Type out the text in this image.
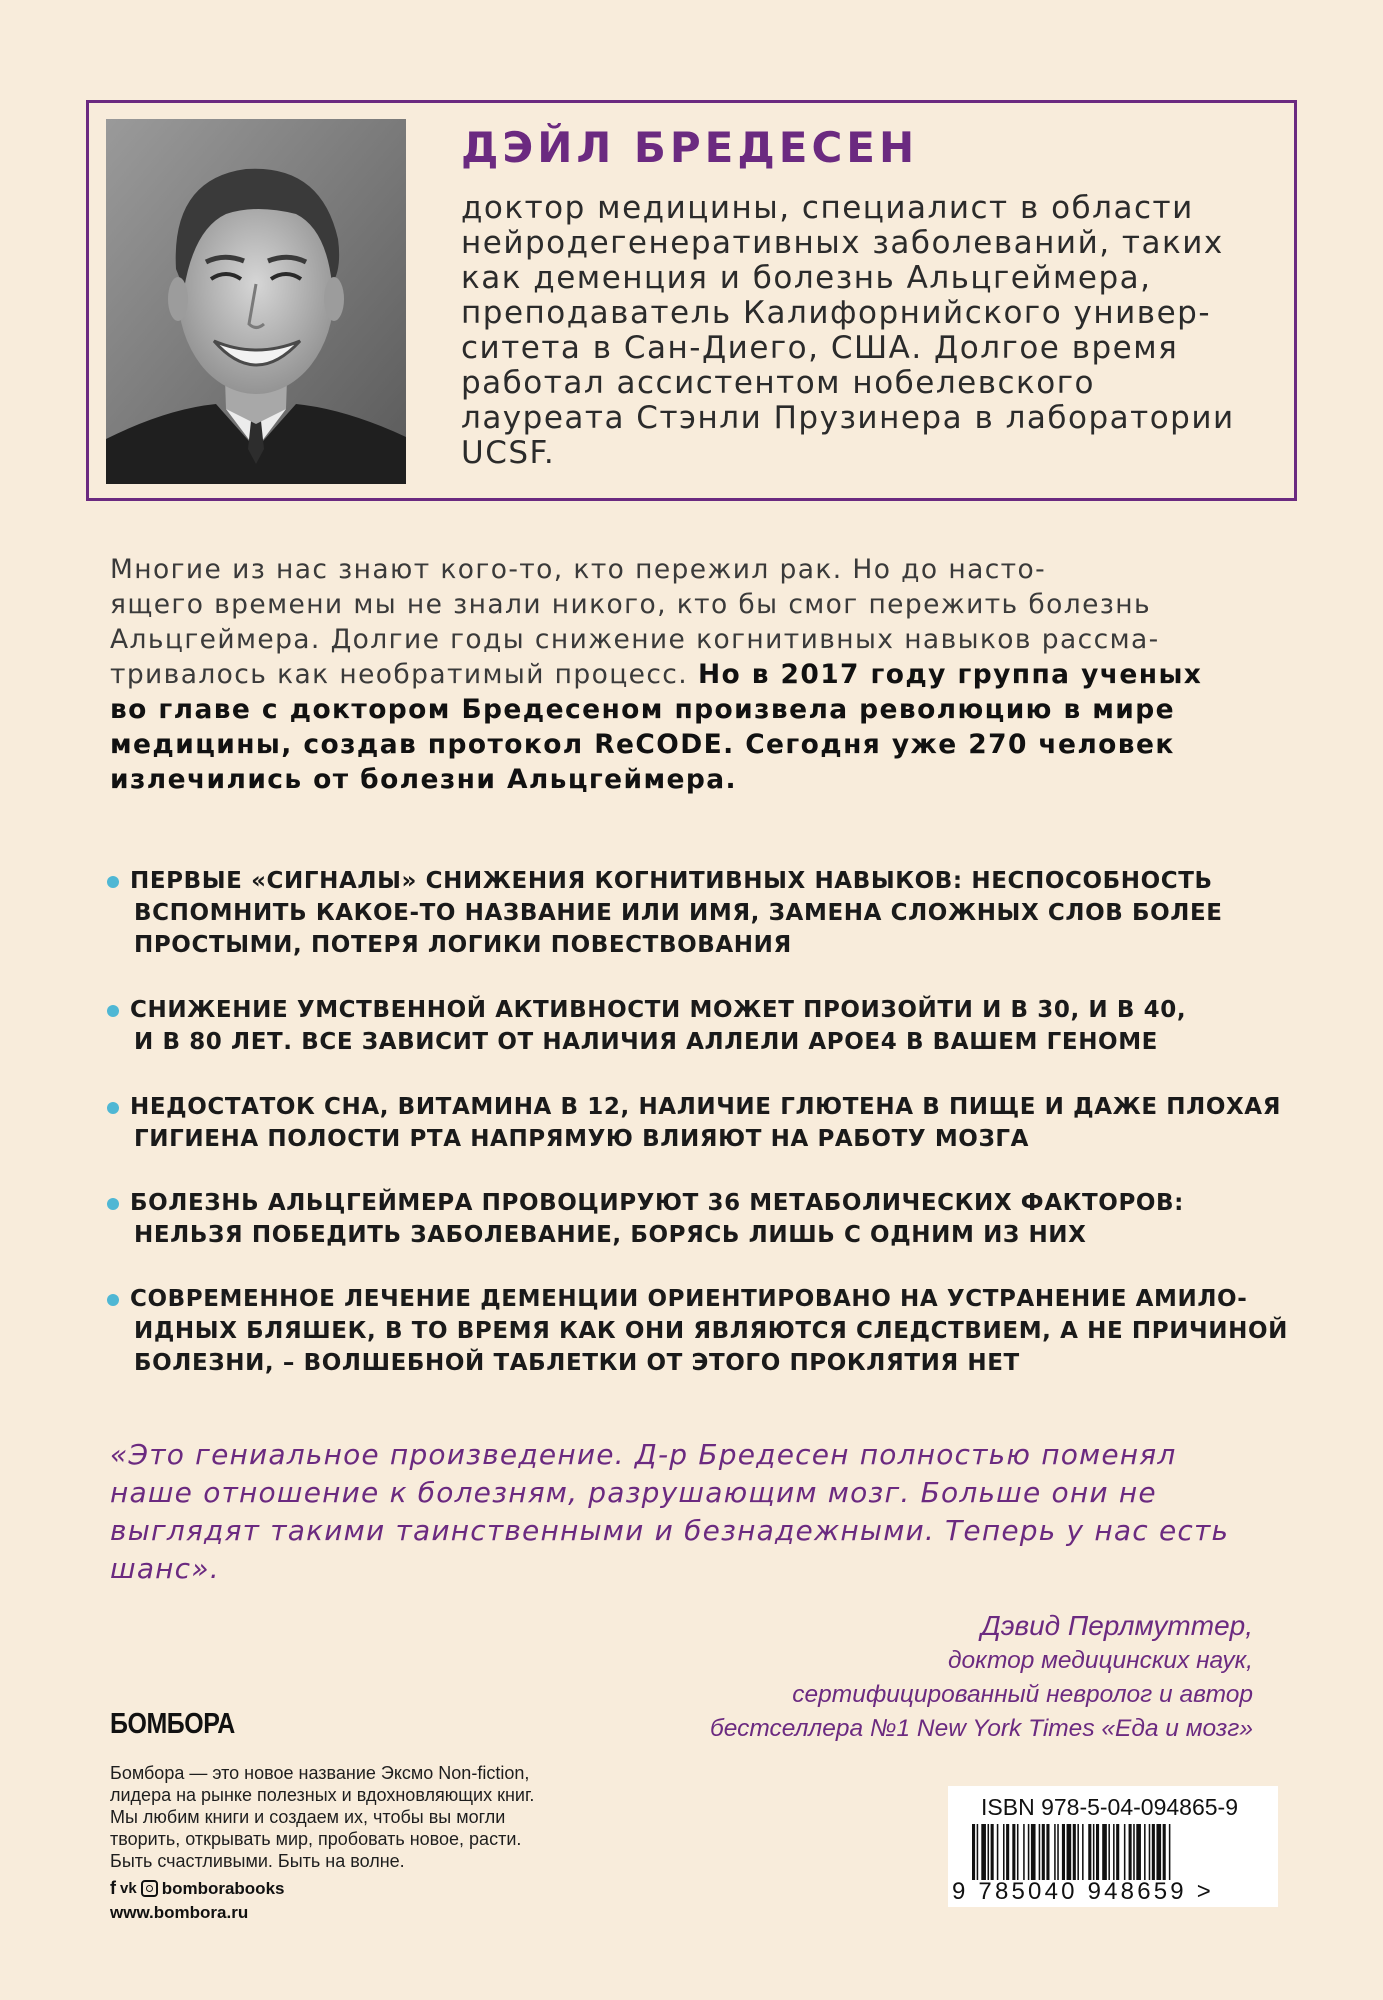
ДЭЙЛ БРЕДЕСЕН
доктор медицины, специалист в области
нейродегенеративных заболеваний, таких
как деменция и болезнь Альцгеймера,
преподаватель Калифорнийского универ-
ситета в Сан-Диего, США. Долгое время
работал ассистентом нобелевского
лауреата Стэнли Прузинера в лаборатории
UCSF.
Многие из нас знают кого-то, кто пережил рак. Но до насто-
ящего времени мы не знали никого, кто бы смог пережить болезнь
Альцгеймера. Долгие годы снижение когнитивных навыков рассма-
тривалось как необратимый процесс. Но в 2017 году группа ученых
во главе с доктором Бредесеном произвела революцию в мире
медицины, создав протокол ReCODE. Сегодня уже 270 человек
излечились от болезни Альцгеймера.
ПЕРВЫЕ «СИГНАЛЫ» СНИЖЕНИЯ КОГНИТИВНЫХ НАВЫКОВ: НЕСПОСОБНОСТЬ
ВСПОМНИТЬ КАКОЕ-ТО НАЗВАНИЕ ИЛИ ИМЯ, ЗАМЕНА СЛОЖНЫХ СЛОВ БОЛЕЕ
ПРОСТЫМИ, ПОТЕРЯ ЛОГИКИ ПОВЕСТВОВАНИЯ
СНИЖЕНИЕ УМСТВЕННОЙ АКТИВНОСТИ МОЖЕТ ПРОИЗОЙТИ И В 30, И В 40,
И В 80 ЛЕТ. ВСЕ ЗАВИСИТ ОТ НАЛИЧИЯ АЛЛЕЛИ АРОЕ4 В ВАШЕМ ГЕНОМЕ
НЕДОСТАТОК СНА, ВИТАМИНА В 12, НАЛИЧИЕ ГЛЮТЕНА В ПИЩЕ И ДАЖЕ ПЛОХАЯ
ГИГИЕНА ПОЛОСТИ РТА НАПРЯМУЮ ВЛИЯЮТ НА РАБОТУ МОЗГА
БОЛЕЗНЬ АЛЬЦГЕЙМЕРА ПРОВОЦИРУЮТ 36 МЕТАБОЛИЧЕСКИХ ФАКТОРОВ:
НЕЛЬЗЯ ПОБЕДИТЬ ЗАБОЛЕВАНИЕ, БОРЯСЬ ЛИШЬ С ОДНИМ ИЗ НИХ
СОВРЕМЕННОЕ ЛЕЧЕНИЕ ДЕМЕНЦИИ ОРИЕНТИРОВАНО НА УСТРАНЕНИЕ АМИЛО-
ИДНЫХ БЛЯШЕК, В ТО ВРЕМЯ КАК ОНИ ЯВЛЯЮТСЯ СЛЕДСТВИЕМ, А НЕ ПРИЧИНОЙ
БОЛЕЗНИ, – ВОЛШЕБНОЙ ТАБЛЕТКИ ОТ ЭТОГО ПРОКЛЯТИЯ НЕТ
«Это гениальное произведение. Д-р Бредесен полностью поменял
наше отношение к болезням, разрушающим мозг. Больше они не
выглядят такими таинственными и безнадежными. Теперь у нас есть
шанс».
Дэвид Перлмуттер,
доктор медицинских наук,
сертифицированный невролог и автор
бестселлера №1 New York Times «Еда и мозг»
БОМБОРА
Бомбора — это новое название Эксмо Non-fiction,
лидера на рынке полезных и вдохновляющих книг.
Мы любим книги и создаем их, чтобы вы могли
творить, открывать мир, пробовать новое, расти.
Быть счастливыми. Быть на волне.
f vk bomborabooks
www.bombora.ru
ISBN 978-5-04-094865-9
9 785040 948659 >
